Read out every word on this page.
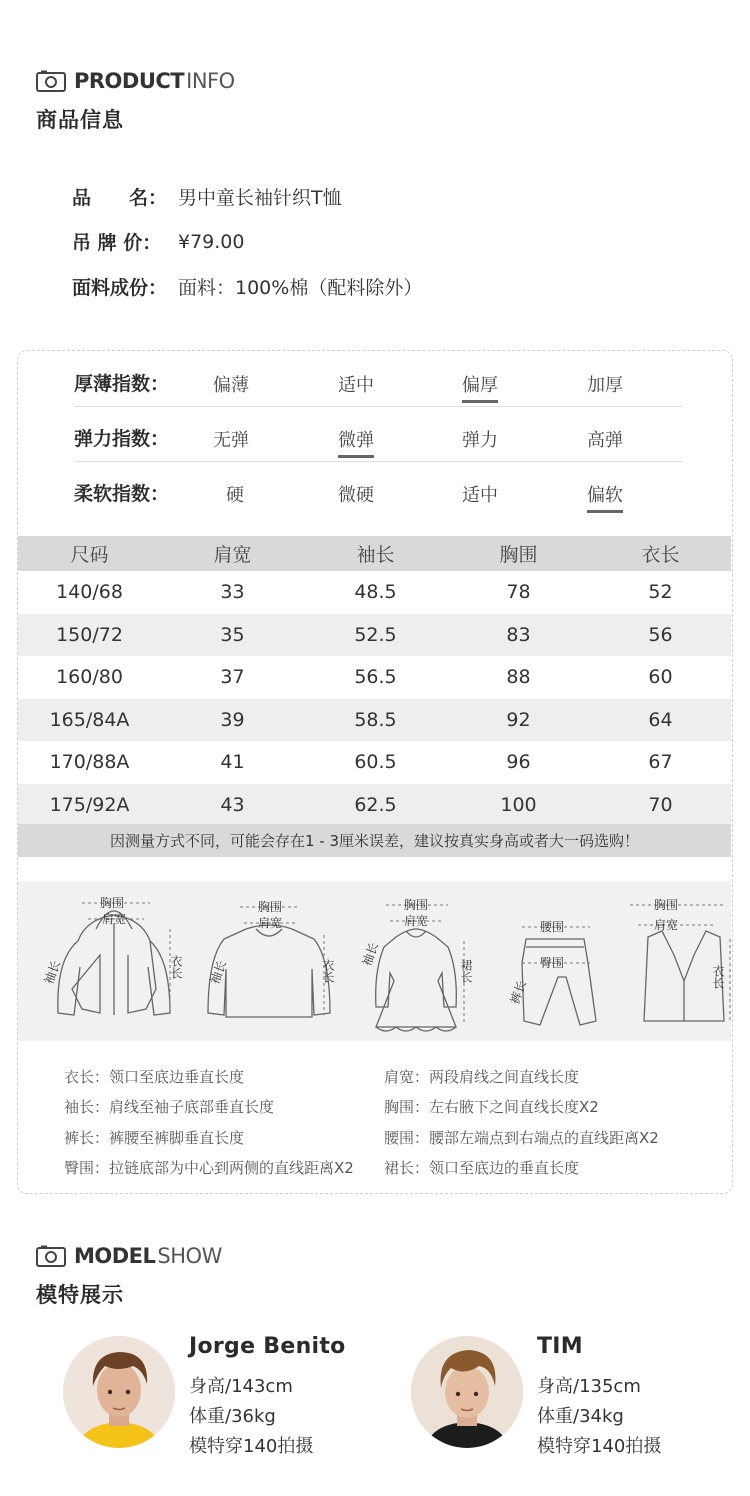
PRODUCT INFO
商品信息
品　　名： 男中童长袖针织T恤
吊 牌 价： ¥79.00
面料成份： 面料：100%棉（配料除外）
厚薄指数： 偏薄	适中	偏厚	加厚
弹力指数： 无弹	微弹	弹力	高弹
柔软指数：	硬	微硬	适中	偏软
尺码	肩宽	袖长	胸围	衣长
140/68	33	48.5	78	52
150/72	35	52.5	83	56
160/80	37	56.5	88	60
165/84A	39	58.5	92	64
170/88A	41	60.5	96	67
175/92A	43	62.5	100	70
因测量方式不同，可能会存在1 - 3厘米误差，建议按真实身高或者大一码选购！
胸围
肩宽
袖长	衣长
胸围
肩宽
袖长	衣长
胸围
肩宽
袖长
裙长
腰围
臀围
裤长
胸围
肩宽
衣长
衣长：领口至底边垂直长度	肩宽：两段肩线之间直线长度
袖长：肩线至袖子底部垂直长度	胸围：左右腋下之间直线长度X2
裤长：裤腰至裤脚垂直长度	腰围：腰部左端点到右端点的直线距离X2
臀围：拉链底部为中心到两侧的直线距离X2	裙长：领口至底边的垂直长度
MODEL SHOW
模特展示
Jorge Benito
身高/143cm
体重/36kg
模特穿140拍摄
TIM
身高/135cm
体重/34kg
模特穿140拍摄
